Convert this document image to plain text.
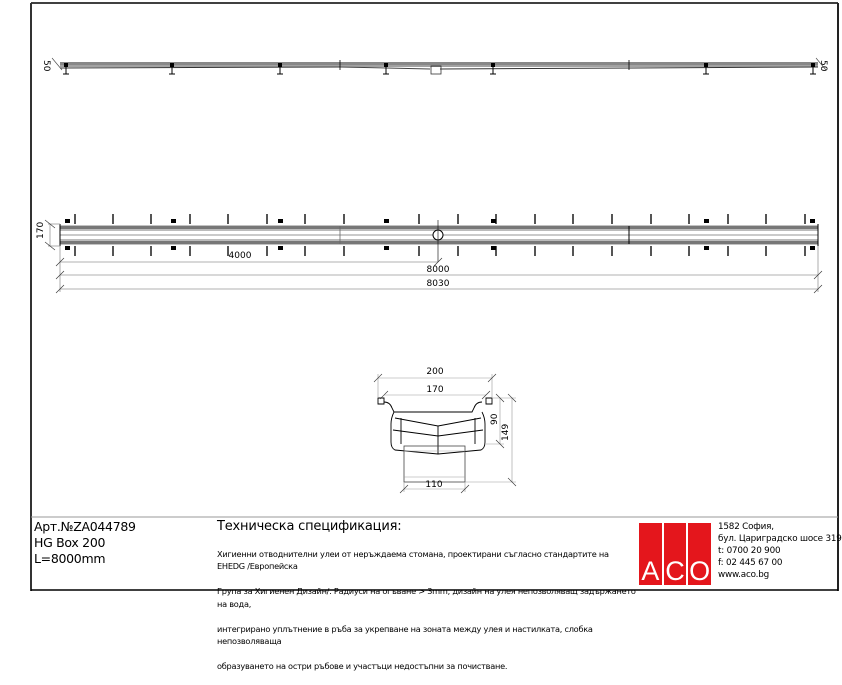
50	50
170
4000
8000
8030
200
170
110
90
149
Арт.№ZA044789
HG Box 200
L=8000mm
Техническа спецификация:

Хигиенни отводнителни улеи от неръждаема стомана, проектирани съгласно стандартите на EHEDG /Европейска

Група за Хигиенен Дизайн/. Радиуси на огъване > 3mm, дизайн на улея непозволяващ задържането на вода,

интегрирано уплътнение в ръба за укрепване на зоната между улея и настилката, слобка непозволяваща

образуването на остри ръбове и участъци недостъпни за почистване.

A C O
1582 София,
бул. Цариградско шосе 319
t: 0700 20 900
f: 02 445 67 00
www.aco.bg
